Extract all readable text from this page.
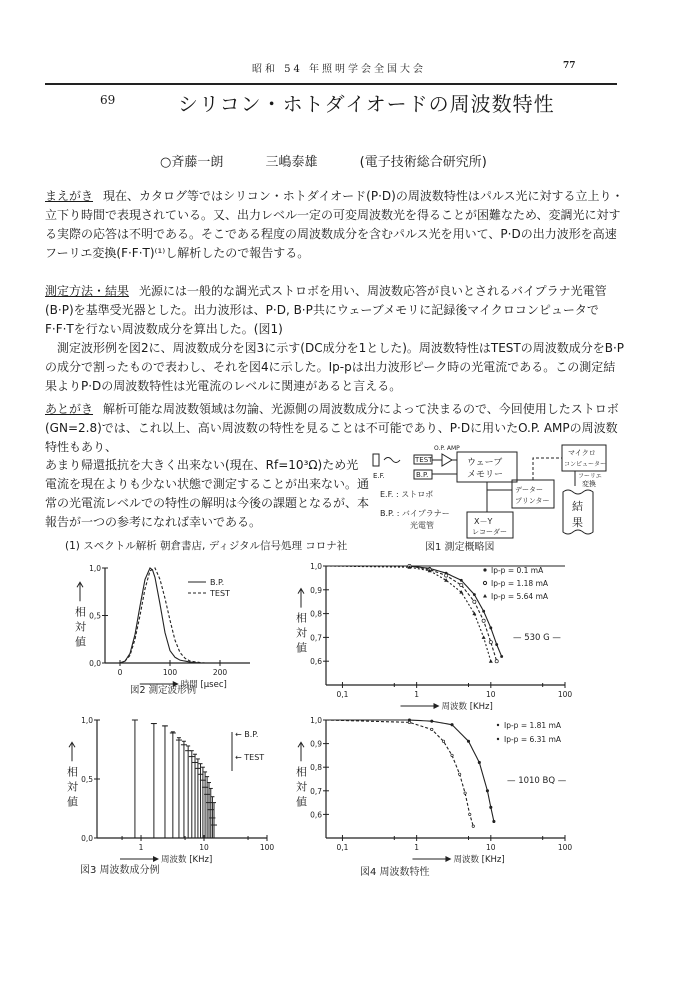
昭和 54 年照明学会全国大会	77
69	シリコン・ホトダイオードの周波数特性
○斉藤一朗	三嶋泰雄	(電子技術総合研究所)
まえがき 現在、カタログ等ではシリコン・ホトダイオード(P·D)の周波数特性はパルス光に対する立上り・立下り時間で表現されている。又、出力レベル一定の可変周波数光を得ることが困難なため、変調光に対する実際の応答は不明である。そこである程度の周波数成分を含むパルス光を用いて、P·Dの出力波形を高速フーリエ変換(F·F·T)⁽¹⁾し解析したので報告する。
測定方法・結果 光源には一般的な調光式ストロボを用い、周波数応答が良いとされるバイプラナ光電管(B·P)を基準受光器とした。出力波形は、P·D, B·P共にウェーブメモリに記録後マイクロコンピュータでF·F·Tを行ない周波数成分を算出した。(図1)
測定波形例を図2に、周波数成分を図3に示す(DC成分を1とした)。周波数特性はTESTの周波数成分をB·Pの成分で割ったもので表わし、それを図4に示した。Ip-pは出力波形ピーク時の光電流である。この測定結果よりP·Dの周波数特性は光電流のレベルに関連があると言える。
あとがき 解析可能な周波数領域は勿論、光源側の周波数成分によって決まるので、今回使用したストロボ(GN=2.8)では、これ以上、高い周波数の特性を見ることは不可能であり、P·Dに用いたO.P. AMPの周波数特性もあり、
あまり帰還抵抗を大きく出来ない(現在、Rf=10³Ω)ため光電流を現在よりも少ない状態で測定することが出来ない。通常の光電流レベルでの特性の解明は今後の課題となるが、本報告が一つの参考になれば幸いである。
(1) スペクトル解析 朝倉書店, ディジタル信号処理 コロナ社
E.F.
TEST
B.P.
O.P. AMP
ウェーブ
メモリー
データー
プリンター
マイクロ
コンピューター
X－Y
レコーダー
フーリエ
変換
結
果
E.F. : ストロボ
B.P. : バイプラナー
光電管
図1 測定概略図
0,0
0,5
1,0
0	100	200
相
対
値
時間 [μsec]
B.P.
TEST
図2 測定波形例
0,6
0,7
0,8
0,9
1,0
0,1	1	10	100
相
対
値
周波数 [KHz]
Ip-p = 0.1 mA
Ip-p = 1.18 mA
Ip-p = 5.64 mA
— 530 G —
0,0
0,5
1,0
1	10	100
相
対
値
周波数 [KHz]
← B.P.
← TEST
図3 周波数成分例
0,6
0,7
0,8
0,9
1,0
0,1	1	10	100
相
対
値
周波数 [KHz]
Ip-p = 1.81 mA
Ip-p = 6.31 mA
— 1010 BQ —
図4 周波数特性
